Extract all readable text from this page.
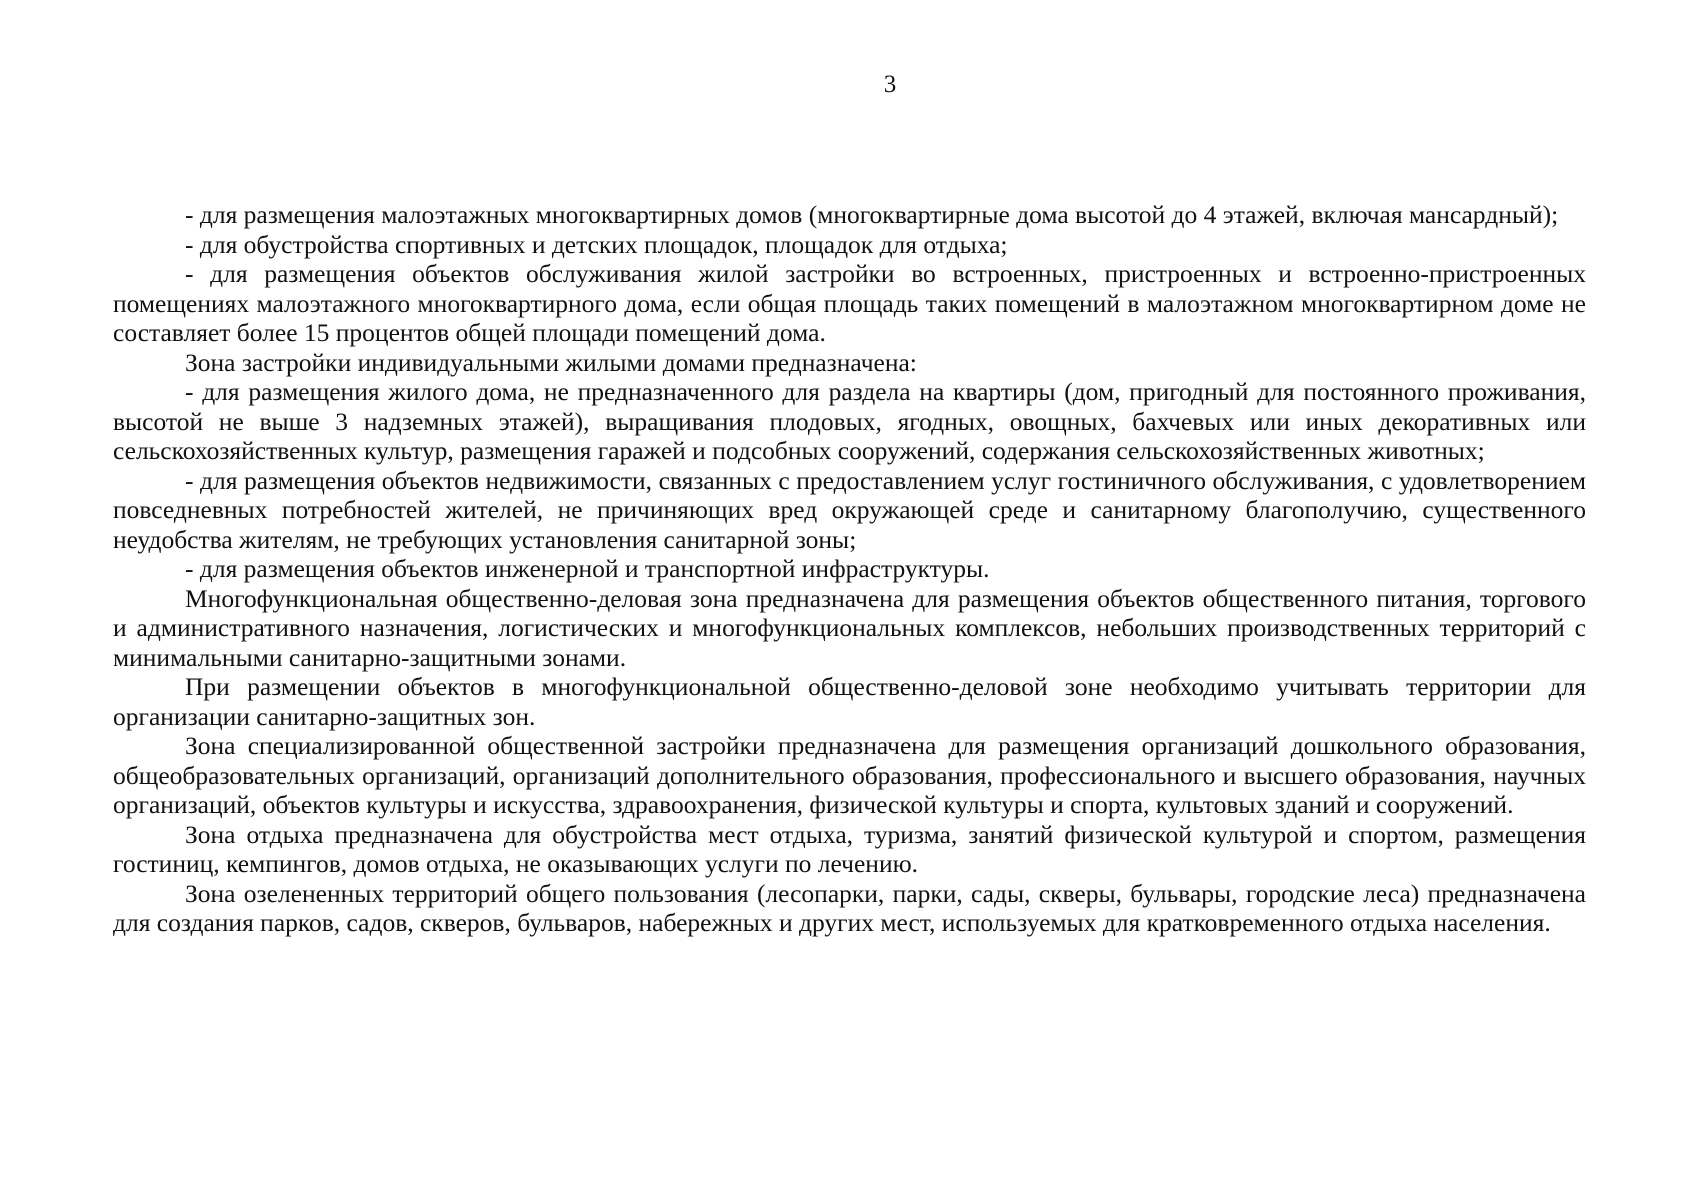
3

- для размещения малоэтажных многоквартирных домов (многоквартирные дома высотой до 4 этажей, включая мансардный);

- для обустройства спортивных и детских площадок, площадок для отдыха;

- для размещения объектов обслуживания жилой застройки во встроенных, пристроенных и встроенно-пристроенных помещениях малоэтажного многоквартирного дома, если общая площадь таких помещений в малоэтажном многоквартирном доме не составляет более 15 процентов общей площади помещений дома.

Зона застройки индивидуальными жилыми домами предназначена:

- для размещения жилого дома, не предназначенного для раздела на квартиры (дом, пригодный для постоянного проживания, высотой не выше 3 надземных этажей), выращивания плодовых, ягодных, овощных, бахчевых или иных декоративных или сельскохозяйственных культур, размещения гаражей и подсобных сооружений, содержания сельскохозяйственных животных;

- для размещения объектов недвижимости, связанных с предоставлением услуг гостиничного обслуживания, с удовлетворением повседневных потребностей жителей, не причиняющих вред окружающей среде и санитарному благополучию, существенного неудобства жителям, не требующих установления санитарной зоны;

- для размещения объектов инженерной и транспортной инфраструктуры.

Многофункциональная общественно-деловая зона предназначена для размещения объектов общественного питания, торгового и административного назначения, логистических и многофункциональных комплексов, небольших производственных территорий с минимальными санитарно-защитными зонами.

При размещении объектов в многофункциональной общественно-деловой зоне необходимо учитывать территории для организации санитарно-защитных зон.

Зона специализированной общественной застройки предназначена для размещения организаций дошкольного образования, общеобразовательных организаций, организаций дополнительного образования, профессионального и высшего образования, научных организаций, объектов культуры и искусства, здравоохранения, физической культуры и спорта, культовых зданий и сооружений.

Зона отдыха предназначена для обустройства мест отдыха, туризма, занятий физической культурой и спортом, размещения гостиниц, кемпингов, домов отдыха, не оказывающих услуги по лечению.

Зона озелененных территорий общего пользования (лесопарки, парки, сады, скверы, бульвары, городские леса) предназначена для создания парков, садов, скверов, бульваров, набережных и других мест, используемых для кратковременного отдыха населения.
